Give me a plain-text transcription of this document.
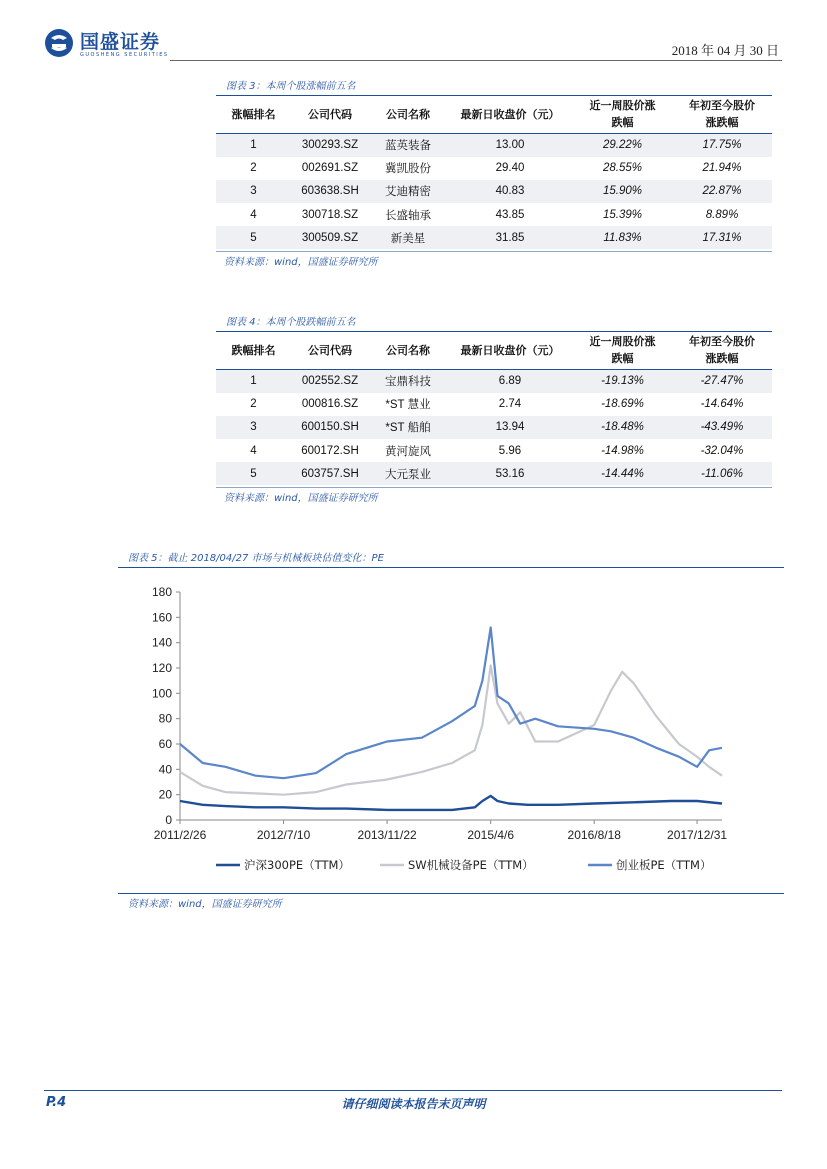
国盛证券
GUOSHENG SECURITIES	2018 年 04 月 30 日
图表 3：本周个股涨幅前五名
涨幅排名	公司代码	公司名称	最新日收盘价（元）	近一周股价涨跌幅	年初至今股价涨跌幅
1	300293.SZ	蓝英装备	13.00	29.22%	17.75%
2	002691.SZ	冀凯股份	29.40	28.55%	21.94%
3	603638.SH	艾迪精密	40.83	15.90%	22.87%
4	300718.SZ	长盛轴承	43.85	15.39%	8.89%
5	300509.SZ	新美星	31.85	11.83%	17.31%
资料来源：wind，国盛证券研究所
图表 4：本周个股跌幅前五名
跌幅排名	公司代码	公司名称	最新日收盘价（元）	近一周股价涨跌幅	年初至今股价涨跌幅
1	002552.SZ	宝鼎科技	6.89	-19.13%	-27.47%
2	000816.SZ	*ST 慧业	2.74	-18.69%	-14.64%
3	600150.SH	*ST 船舶	13.94	-18.48%	-43.49%
4	600172.SH	黄河旋风	5.96	-14.98%	-32.04%
5	603757.SH	大元泵业	53.16	-14.44%	-11.06%
资料来源：wind，国盛证券研究所
图表 5：截止 2018/04/27 市场与机械板块估值变化：PE
0
20
40
60
80
100
120
140
160
180
2011/2/26	2012/7/10	2013/11/22	2015/4/6	2016/8/18	2017/12/31
沪深300PE（TTM）	SW机械设备PE（TTM）	创业板PE（TTM）
资料来源：wind，国盛证券研究所
请仔细阅读本报告末页声明
P.4
